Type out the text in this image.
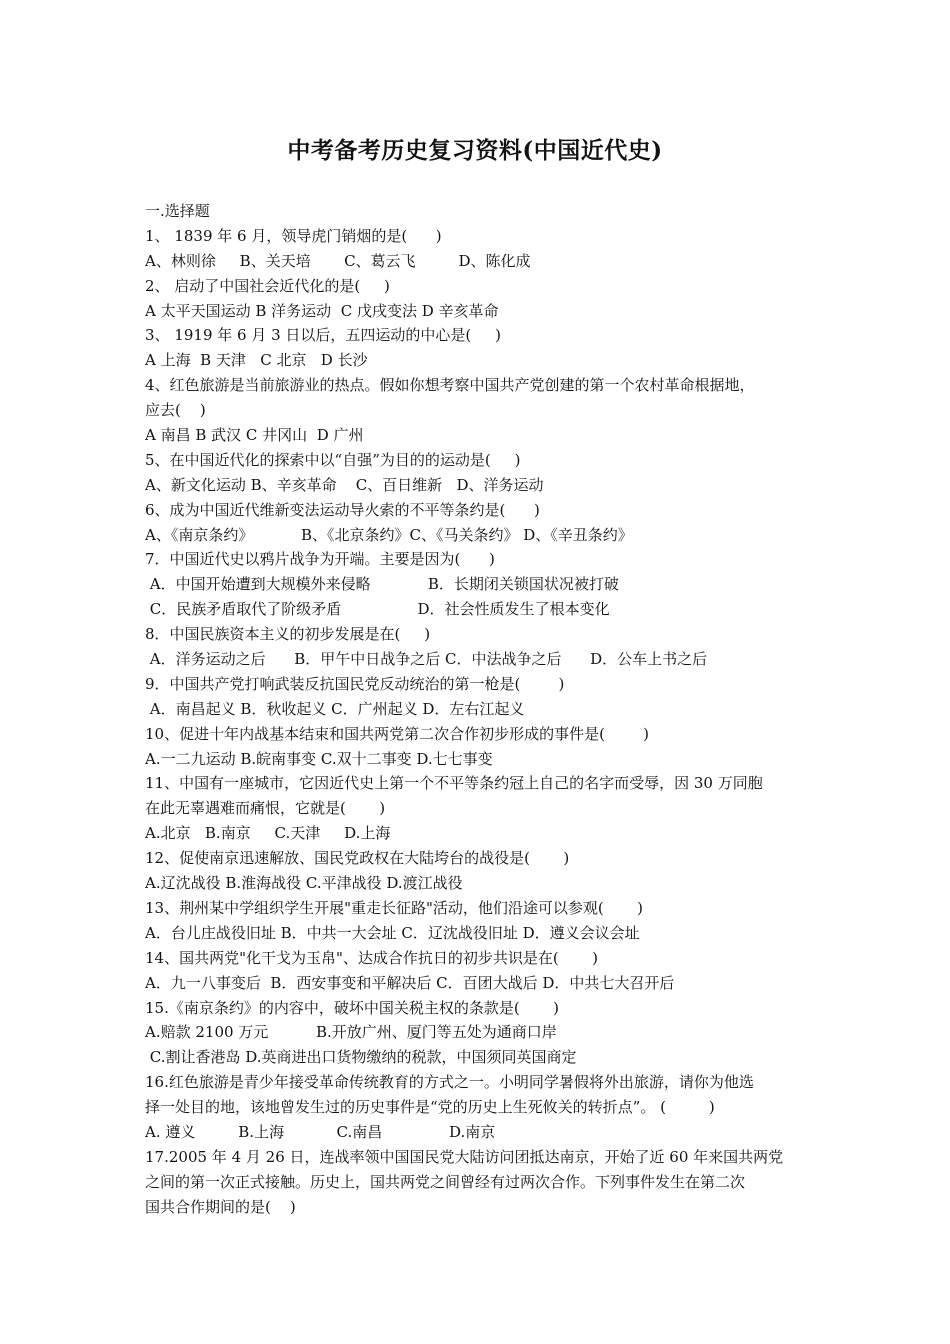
中考备考历史复习资料(中国近代史)
一.选择题
1、 1839 年 6 月，领导虎门销烟的是(      )
A、林则徐     B、关天培       C、葛云飞         D、陈化成
2、 启动了中国社会近代化的是(     )
A 太平天国运动 B 洋务运动  C 戊戌变法 D 辛亥革命
3、 1919 年 6 月 3 日以后，五四运动的中心是(     )
A 上海  B 天津   C 北京   D 长沙
4、红色旅游是当前旅游业的热点。假如你想考察中国共产党创建的第一个农村革命根据地，
应去(    )
A 南昌 B 武汉 C 井冈山  D 广州
5、在中国近代化的探索中以“自强”为目的的运动是(     )
A、新文化运动 B、辛亥革命    C、百日维新   D、洋务运动
6、成为中国近代维新变法运动导火索的不平等条约是(      )
A、《南京条约》          B、《北京条约》C、《马关条约》 D、《辛丑条约》
7．中国近代史以鸦片战争为开端。主要是因为(      )
A．中国开始遭到大规模外来侵略            B．长期闭关锁国状况被打破
C．民族矛盾取代了阶级矛盾                D．社会性质发生了根本变化
8．中国民族资本主义的初步发展是在(     )
A．洋务运动之后      B．甲午中日战争之后 C．中法战争之后      D．公车上书之后
9．中国共产党打响武装反抗国民党反动统治的第一枪是(        )
A．南昌起义 B．秋收起义 C．广州起义 D．左右江起义
10、促进十年内战基本结束和国共两党第二次合作初步形成的事件是(        )
A.一二九运动 B.皖南事变 C.双十二事变 D.七七事变
11、中国有一座城市，它因近代史上第一个不平等条约冠上自己的名字而受辱，因 30 万同胞
在此无辜遇难而痛恨，它就是(       )
A.北京   B.南京     C.天津     D.上海
12、促使南京迅速解放、国民党政权在大陆垮台的战役是(       )
A.辽沈战役 B.淮海战役 C.平津战役 D.渡江战役
13、荆州某中学组织学生开展"重走长征路"活动，他们沿途可以参观(       )
A．台儿庄战役旧址 B．中共一大会址 C．辽沈战役旧址 D．遵义会议会址
14、国共两党"化干戈为玉帛"、达成合作抗日的初步共识是在(       )
A．九一八事变后  B．西安事变和平解决后 C．百团大战后 D．中共七大召开后
15.《南京条约》的内容中，破坏中国关税主权的条款是(       )
A.赔款 2100 万元          B.开放广州、厦门等五处为通商口岸
C.割让香港岛 D.英商进出口货物缴纳的税款，中国须同英国商定
16.红色旅游是青少年接受革命传统教育的方式之一。小明同学暑假将外出旅游，请你为他选
择一处目的地，该地曾发生过的历史事件是“党的历史上生死攸关的转折点”。 (         )
A. 遵义         B.上海           C.南昌              D.南京
17.2005 年 4 月 26 日，连战率领中国国民党大陆访问团抵达南京，开始了近 60 年来国共两党
之间的第一次正式接触。历史上，国共两党之间曾经有过两次合作。下列事件发生在第二次
国共合作期间的是(    )
